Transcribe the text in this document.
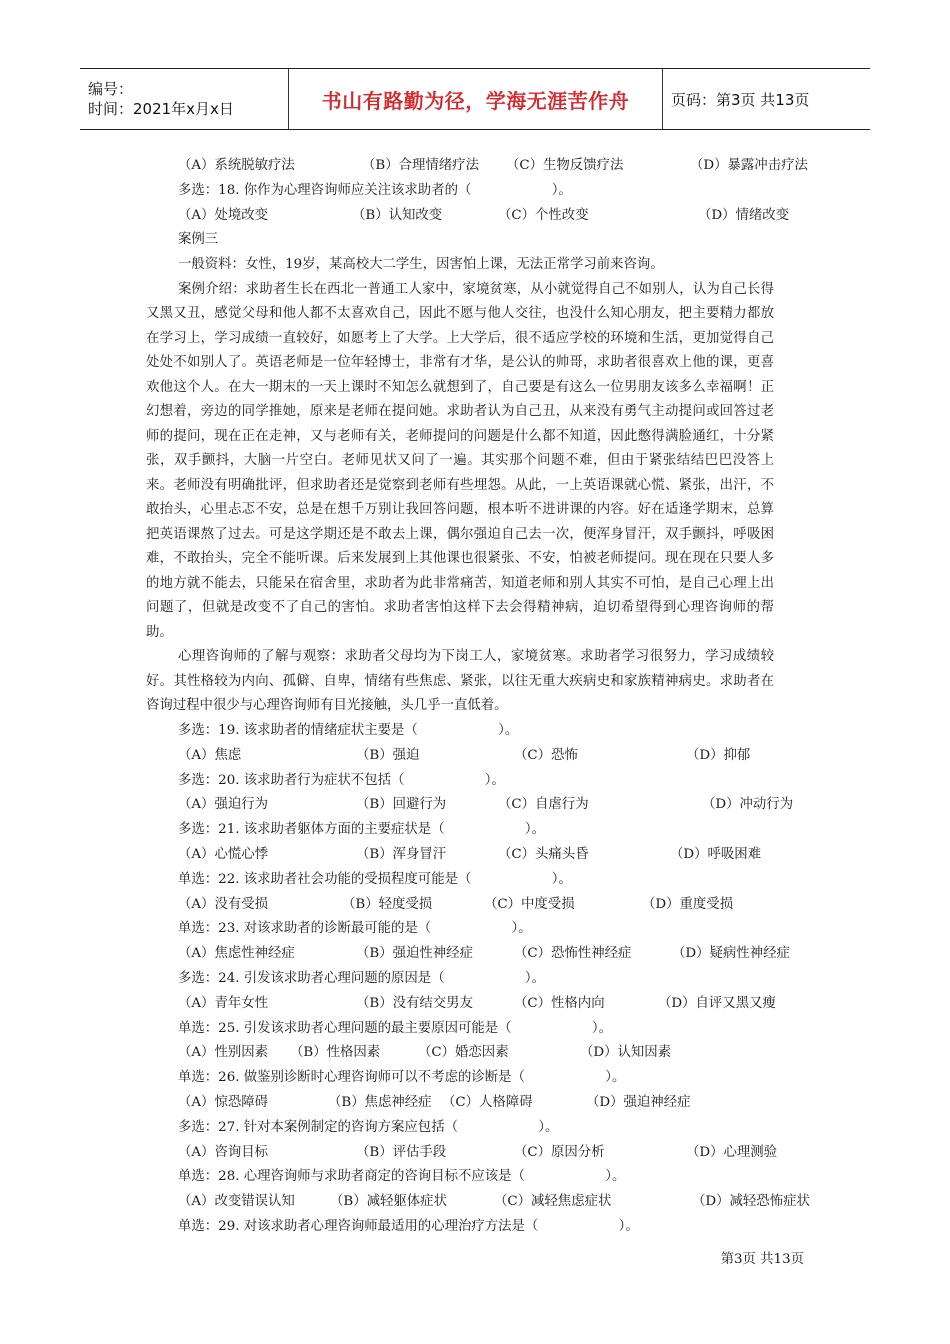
编号：
时间：2021年x月x日	书山有路勤为径，学海无涯苦作舟	页码：第3页 共13页
（A）系统脱敏疗法	（B）合理情绪疗法 （C）生物反馈疗法	（D）暴露冲击疗法
多选：18. 你作为心理咨询师应关注该求助者的（　　　　　　）。
（A）处境改变	（B）认知改变	（C）个性改变	（D）情绪改变
案例三
一般资料：女性，19岁，某高校大二学生，因害怕上课，无法正常学习前来咨询。
案例介绍：求助者生长在西北一普通工人家中，家境贫寒，从小就觉得自己不如别人，认为自己长得又黑又丑，感觉父母和他人都不太喜欢自己，因此不愿与他人交往，也没什么知心朋友，把主要精力都放在学习上，学习成绩一直较好，如愿考上了大学。上大学后，很不适应学校的环境和生活，更加觉得自己处处不如别人了。英语老师是一位年轻博士，非常有才华，是公认的帅哥，求助者很喜欢上他的课，更喜欢他这个人。在大一期末的一天上课时不知怎么就想到了，自己要是有这么一位男朋友该多么幸福啊！正幻想着，旁边的同学推她，原来是老师在提问她。求助者认为自己丑，从来没有勇气主动提问或回答过老师的提问，现在正在走神，又与老师有关，老师提问的问题是什么都不知道，因此憋得满脸通红，十分紧张，双手颤抖，大脑一片空白。老师见状又问了一遍。其实那个问题不难，但由于紧张结结巴巴没答上来。老师没有明确批评，但求助者还是觉察到老师有些埋怨。从此，一上英语课就心慌、紧张，出汗，不敢抬头，心里忐忑不安，总是在想千万别让我回答问题，根本听不进讲课的内容。好在适逢学期末，总算把英语课熬了过去。可是这学期还是不敢去上课，偶尔强迫自己去一次，便浑身冒汗，双手颤抖，呼吸困难，不敢抬头，完全不能听课。后来发展到上其他课也很紧张、不安，怕被老师提问。现在现在只要人多的地方就不能去，只能呆在宿舍里，求助者为此非常痛苦，知道老师和别人其实不可怕，是自己心理上出问题了，但就是改变不了自己的害怕。求助者害怕这样下去会得精神病，迫切希望得到心理咨询师的帮助。
心理咨询师的了解与观察：求助者父母均为下岗工人，家境贫寒。求助者学习很努力，学习成绩较好。其性格较为内向、孤僻、自卑，情绪有些焦虑、紧张，以往无重大疾病史和家族精神病史。求助者在咨询过程中很少与心理咨询师有目光接触，头几乎一直低着。
多选：19. 该求助者的情绪症状主要是（　　　　　　）。
（A）焦虑	（B）强迫	（C）恐怖	（D）抑郁
多选：20. 该求助者行为症状不包括（　　　　　　）。
（A）强迫行为	（B）回避行为	（C）自虐行为	（D）冲动行为
多选：21. 该求助者躯体方面的主要症状是（　　　　　　）。
（A）心慌心悸	（B）浑身冒汗	（C）头痛头昏	（D）呼吸困难
单选：22. 该求助者社会功能的受损程度可能是（　　　　　　）。
（A）没有受损	（B）轻度受损	（C）中度受损	（D）重度受损
单选：23. 对该求助者的诊断最可能的是（　　　　　　）。
（A）焦虑性神经症	（B）强迫性神经症	（C）恐怖性神经症	（D）疑病性神经症
多选：24. 引发该求助者心理问题的原因是（　　　　　　）。
（A）青年女性	（B）没有结交男友	（C）性格内向	（D）自评又黑又瘦
单选：25. 引发该求助者心理问题的最主要原因可能是（　　　　　　）。
（A）性别因素 （B）性格因素	（C）婚恋因素	（D）认知因素
单选：26. 做鉴别诊断时心理咨询师可以不考虑的诊断是（　　　　　　）。
（A）惊恐障碍	（B）焦虑神经症 （C）人格障碍	（D）强迫神经症
多选：27. 针对本案例制定的咨询方案应包括（　　　　　　）。
（A）咨询目标	（B）评估手段	（C）原因分析	（D）心理测验
单选：28. 心理咨询师与求助者商定的咨询目标不应该是（　　　　　　）。
（A）改变错误认知	（B）减轻躯体症状	（C）减轻焦虑症状	（D）减轻恐怖症状
单选：29. 对该求助者心理咨询师最适用的心理治疗方法是（　　　　　　）。
第3页 共13页
